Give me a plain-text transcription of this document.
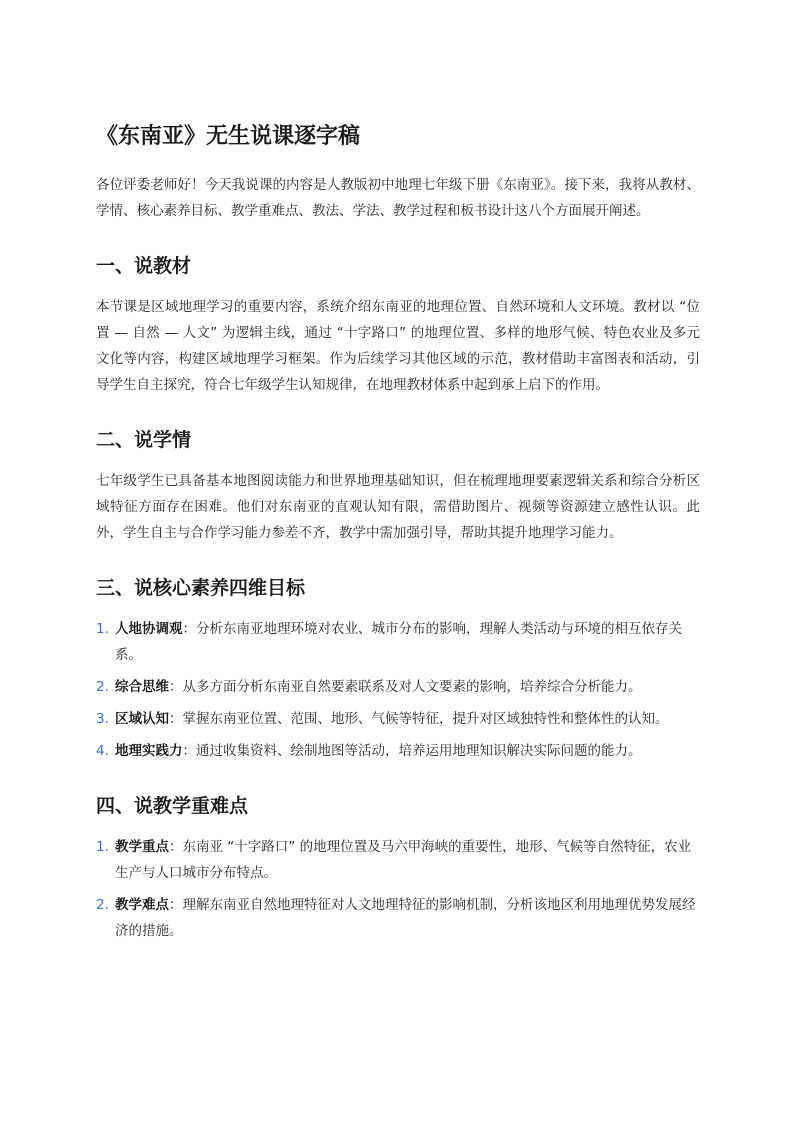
《东南亚》无生说课逐字稿

各位评委老师好！今天我说课的内容是人教版初中地理七年级下册《东南亚》。接下来，我将从教材、学情、核心素养目标、教学重难点、教法、学法、教学过程和板书设计这八个方面展开阐述。

一、说教材

本节课是区域地理学习的重要内容，系统介绍东南亚的地理位置、自然环境和人文环境。教材以 “位置 — 自然 — 人文” 为逻辑主线，通过 “十字路口” 的地理位置、多样的地形气候、特色农业及多元文化等内容，构建区域地理学习框架。作为后续学习其他区域的示范，教材借助丰富图表和活动，引导学生自主探究，符合七年级学生认知规律，在地理教材体系中起到承上启下的作用。

二、说学情

七年级学生已具备基本地图阅读能力和世界地理基础知识，但在梳理地理要素逻辑关系和综合分析区域特征方面存在困难。他们对东南亚的直观认知有限，需借助图片、视频等资源建立感性认识。此外，学生自主与合作学习能力参差不齐，教学中需加强引导，帮助其提升地理学习能力。

三、说核心素养四维目标
1. 人地协调观：分析东南亚地理环境对农业、城市分布的影响，理解人类活动与环境的相互依存关系。
2. 综合思维：从多方面分析东南亚自然要素联系及对人文要素的影响，培养综合分析能力。
3. 区域认知：掌握东南亚位置、范围、地形、气候等特征，提升对区域独特性和整体性的认知。
4. 地理实践力：通过收集资料、绘制地图等活动，培养运用地理知识解决实际问题的能力。
四、说教学重难点
1. 教学重点：东南亚 “十字路口” 的地理位置及马六甲海峡的重要性，地形、气候等自然特征，农业生产与人口城市分布特点。
2. 教学难点：理解东南亚自然地理特征对人文地理特征的影响机制，分析该地区利用地理优势发展经济的措施。
